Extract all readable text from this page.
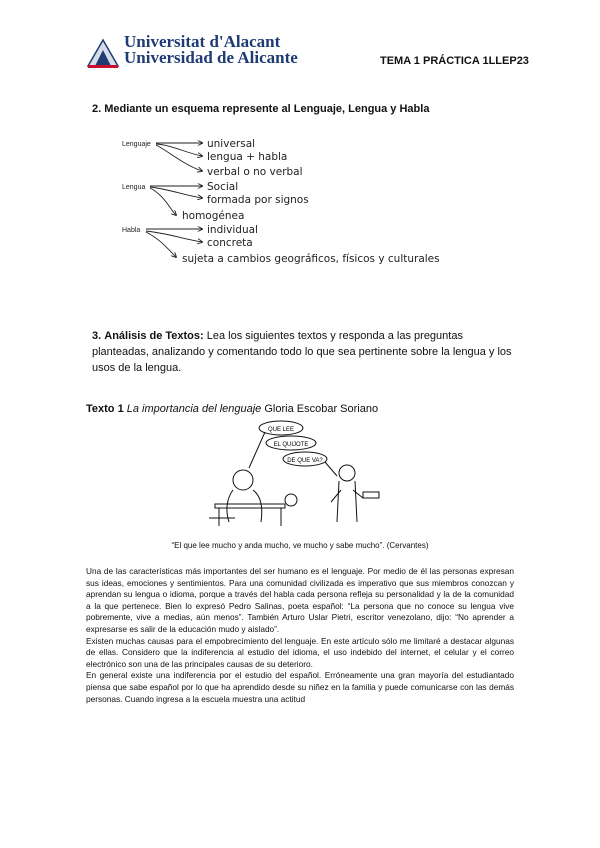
Universitat d'Alacant
Universidad de Alicante	TEMA 1 PRÁCTICA 1LLEP23
2. Mediante un esquema represente al Lenguaje, Lengua y Habla
Lenguaje
Lengua
Habla
universal
lengua + habla
verbal o no verbal
Social
formada por signos
homogénea
individual
concreta
sujeta a cambios geográficos, físicos y culturales
3. Análisis de Textos: Lea los siguientes textos y responda a las preguntas planteadas, analizando y comentando todo lo que sea pertinente sobre la lengua y los usos de la lengua.
Texto 1 La importancia del lenguaje Gloria Escobar Soriano
QUE LEE
EL QUIJOTE
DE QUE VA?
“El que lee mucho y anda mucho, ve mucho y sabe mucho”. (Cervantes)

Una de las características más importantes del ser humano es el lenguaje. Por medio de él las personas expresan sus ideas, emociones y sentimientos. Para una comunidad civilizada es imperativo que sus miembros conozcan y aprendan su lengua o idioma, porque a través del habla cada persona refleja su personalidad y la de la comunidad a la que pertenece. Bien lo expresó Pedro Salinas, poeta español: “La persona que no conoce su lengua vive pobremente, vive a medias, aún menos”. También Arturo Uslar Pietri, escritor venezolano, dijo: “No aprender a expresarse es salir de la educación mudo y aislado”.

Existen muchas causas para el empobrecimiento del lenguaje. En este artículo sólo me limitaré a destacar algunas de ellas. Considero que la indiferencia al estudio del idioma, el uso indebido del internet, el celular y el correo electrónico son una de las principales causas de su deterioro.

En general existe una indiferencia por el estudio del español. Erróneamente una gran mayoría del estudiantado piensa que sabe español por lo que ha aprendido desde su niñez en la familia y puede comunicarse con las demás personas. Cuando ingresa a la escuela muestra una actitud
